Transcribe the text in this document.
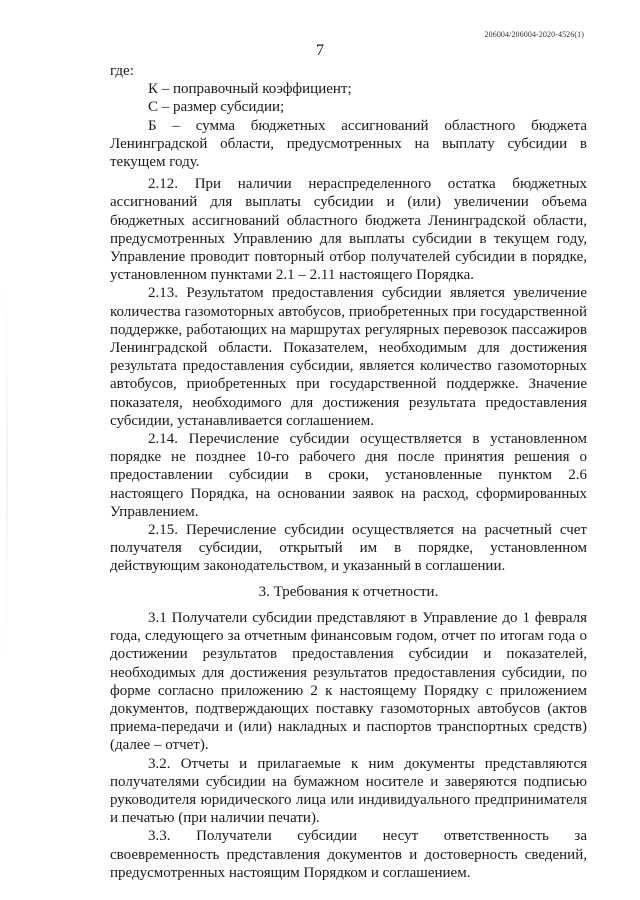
206004/206004-2020-4526(1)
7

где:

К – поправочный коэффициент;

С – размер субсидии;

Б – сумма бюджетных ассигнований областного бюджета Ленинградской области, предусмотренных на выплату субсидии в текущем году.

2.12. При наличии нераспределенного остатка бюджетных ассигнований для выплаты субсидии и (или) увеличении объема бюджетных ассигнований областного бюджета Ленинградской области, предусмотренных Управлению для выплаты субсидии в текущем году, Управление проводит повторный отбор получателей субсидии в порядке, установленном пунктами 2.1 – 2.11 настоящего Порядка.

2.13. Результатом предоставления субсидии является увеличение количества газомоторных автобусов, приобретенных при государственной поддержке, работающих на маршрутах регулярных перевозок пассажиров Ленинградской области. Показателем, необходимым для достижения результата предоставления субсидии, является количество газомоторных автобусов, приобретенных при государственной поддержке. Значение показателя, необходимого для достижения результата предоставления субсидии, устанавливается соглашением.

2.14. Перечисление субсидии осуществляется в установленном порядке не позднее 10-го рабочего дня после принятия решения о предоставлении субсидии в сроки, установленные пунктом 2.6 настоящего Порядка, на основании заявок на расход, сформированных Управлением.

2.15. Перечисление субсидии осуществляется на расчетный счет получателя субсидии, открытый им в порядке, установленном действующим законодательством, и указанный в соглашении.

3. Требования к отчетности.

3.1 Получатели субсидии представляют в Управление до 1 февраля года, следующего за отчетным финансовым годом, отчет по итогам года о достижении результатов предоставления субсидии и показателей, необходимых для достижения результатов предоставления субсидии, по форме согласно приложению 2 к настоящему Порядку с приложением документов, подтверждающих поставку газомоторных автобусов (актов приема-передачи и (или) накладных и паспортов транспортных средств) (далее – отчет).

3.2. Отчеты и прилагаемые к ним документы представляются получателями субсидии на бумажном носителе и заверяются подписью руководителя юридического лица или индивидуального предпринимателя и печатью (при наличии печати).

3.3. Получатели субсидии несут ответственность за своевременность представления документов и достоверность сведений, предусмотренных настоящим Порядком и соглашением.
